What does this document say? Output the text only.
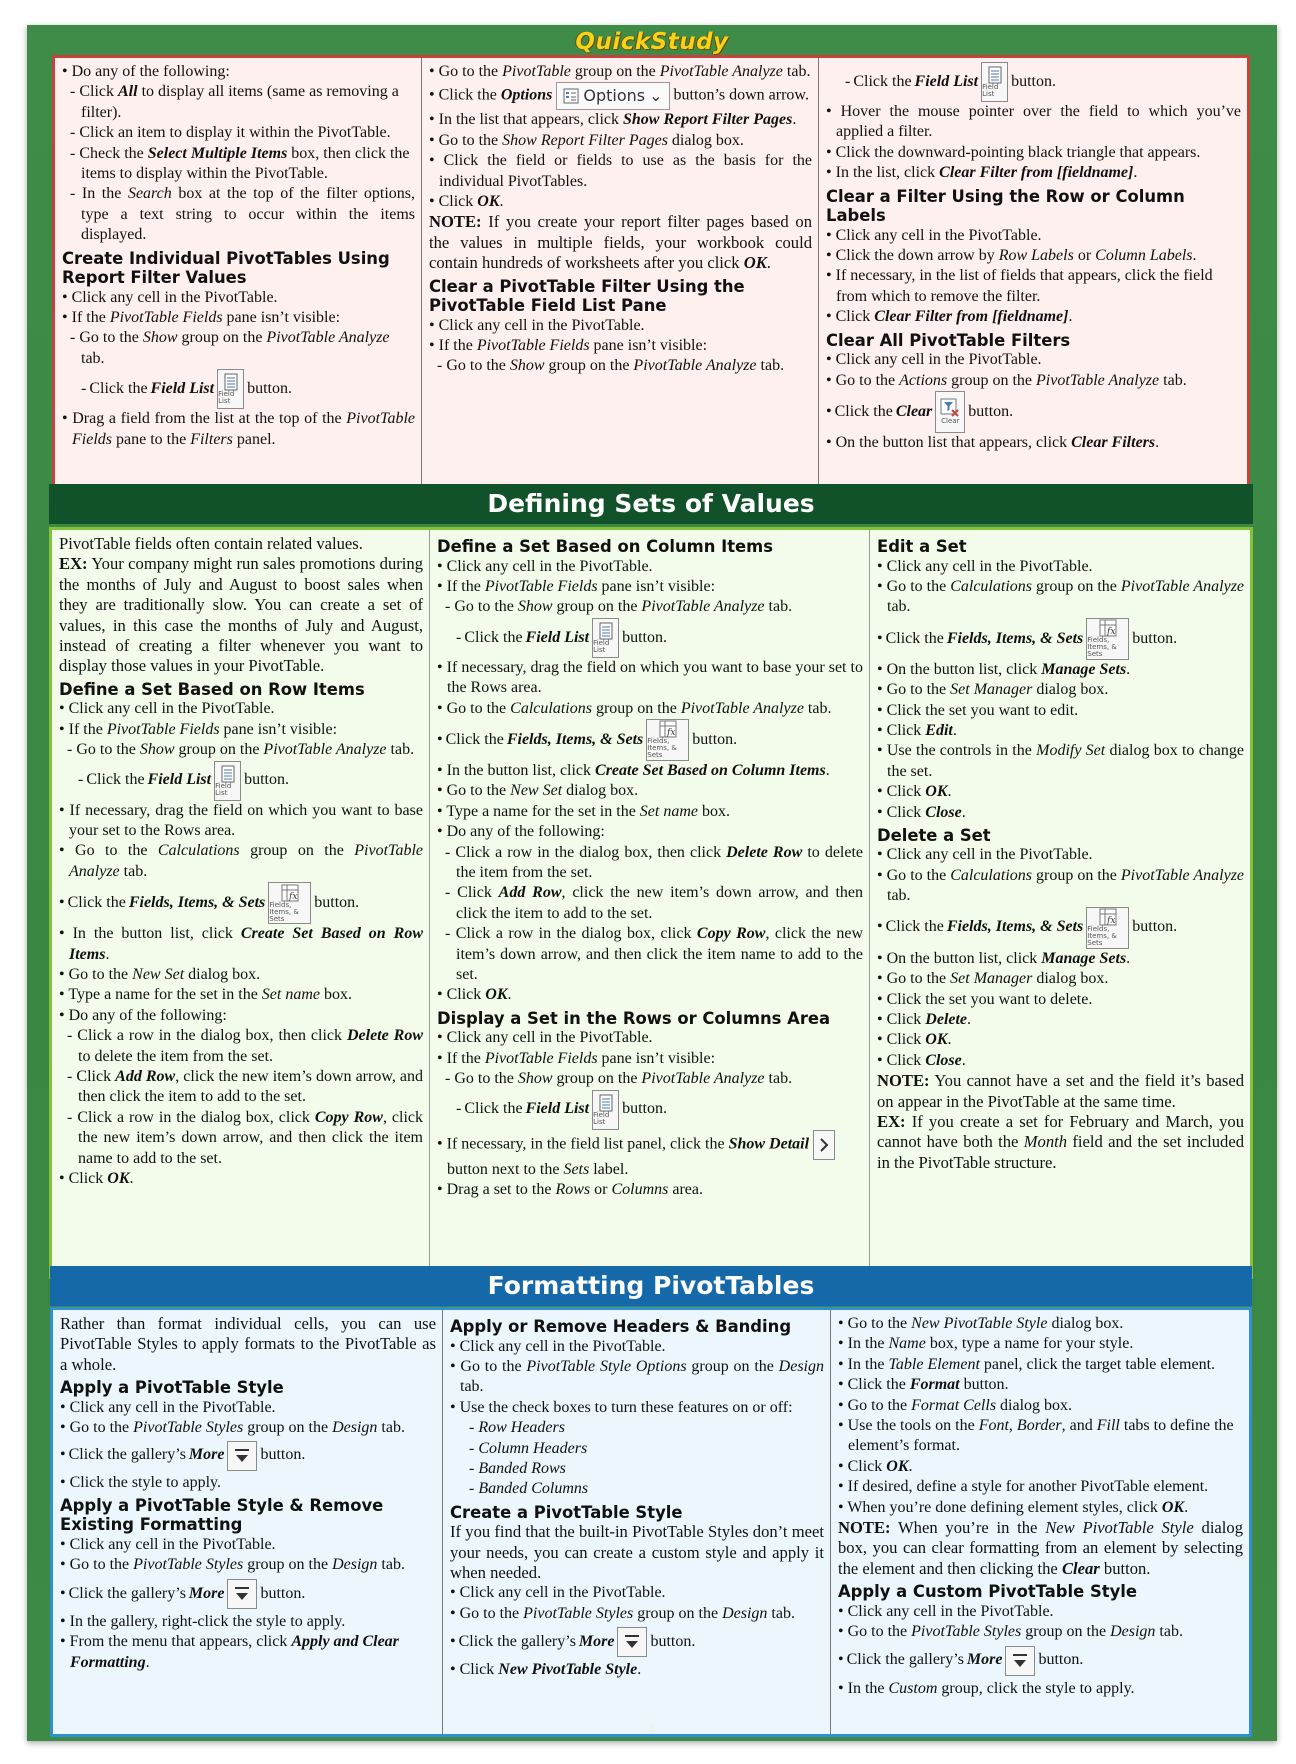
QuickStudy

• Do any of the following:

- Click All to display all items (same as removing a filter).

- Click an item to display it within the PivotTable.

- Check the Select Multiple Items box, then click the items to display within the PivotTable.

- In the Search box at the top of the filter options, type a text string to occur within the items displayed.

Create Individual PivotTables Using Report Filter Values

• Click any cell in the PivotTable.

• If the PivotTable Fields pane isn’t visible:

- Go to the Show group on the PivotTable Analyze tab.

- Click the Field List Field List
button.

• Drag a field from the list at the top of the PivotTable Fields pane to the Filters panel.

• Go to the PivotTable group on the PivotTable Analyze tab.

• Click the Options Options ⌄ button’s down arrow.

• In the list that appears, click Show Report Filter Pages.

• Go to the Show Report Filter Pages dialog box.

• Click the field or fields to use as the basis for the individual PivotTables.

• Click OK.

NOTE: If you create your report filter pages based on the values in multiple fields, your workbook could contain hundreds of worksheets after you click OK.

Clear a PivotTable Filter Using the PivotTable Field List Pane

• Click any cell in the PivotTable.

• If the PivotTable Fields pane isn’t visible:

- Go to the Show group on the PivotTable Analyze tab.

- Click the Field List Field List
button.

• Hover the mouse pointer over the field to which you’ve applied a filter.

• Click the downward-pointing black triangle that appears.

• In the list, click Clear Filter from [fieldname].

Clear a Filter Using the Row or Column Labels

• Click any cell in the PivotTable.

• Click the down arrow by Row Labels or Column Labels.

• If necessary, in the list of fields that appears, click the field from which to remove the filter.

• Click Clear Filter from [fieldname].

Clear All PivotTable Filters

• Click any cell in the PivotTable.

• Go to the Actions group on the PivotTable Analyze tab.

• Click the Clear
Clear
button.

• On the button list that appears, click Clear Filters.

Defining Sets of Values

PivotTable fields often contain related values.

EX: Your company might run sales promotions during the months of July and August to boost sales when they are traditionally slow. You can create a set of values, in this case the months of July and August, instead of creating a filter whenever you want to display those values in your PivotTable.

Define a Set Based on Row Items

• Click any cell in the PivotTable.

• If the PivotTable Fields pane isn’t visible:

- Go to the Show group on the PivotTable Analyze tab.

- Click the Field List Field List
button.

• If necessary, drag the field on which you want to base your set to the Rows area.

• Go to the Calculations group on the PivotTable Analyze tab.

• Click the Fields, Items, & Sets	fx
Fields, Items, & Sets
button.

• In the button list, click Create Set Based on Row Items.

• Go to the New Set dialog box.

• Type a name for the set in the Set name box.

• Do any of the following:

- Click a row in the dialog box, then click Delete Row to delete the item from the set.

- Click Add Row, click the new item’s down arrow, and then click the item to add to the set.

- Click a row in the dialog box, click Copy Row, click the new item’s down arrow, and then click the item name to add to the set.

• Click OK.

Define a Set Based on Column Items

• Click any cell in the PivotTable.

• If the PivotTable Fields pane isn’t visible:

- Go to the Show group on the PivotTable Analyze tab.

- Click the Field List Field List
button.

• If necessary, drag the field on which you want to base your set to the Rows area.

• Go to the Calculations group on the PivotTable Analyze tab.

• Click the Fields, Items, & Sets	fx
Fields, Items, & Sets
button.

• In the button list, click Create Set Based on Column Items.

• Go to the New Set dialog box.

• Type a name for the set in the Set name box.

• Do any of the following:

- Click a row in the dialog box, then click Delete Row to delete the item from the set.

- Click Add Row, click the new item’s down arrow, and then click the item to add to the set.

- Click a row in the dialog box, click Copy Row, click the new item’s down arrow, and then click the item name to add to the set.

• Click OK.

Display a Set in the Rows or Columns Area

• Click any cell in the PivotTable.

• If the PivotTable Fields pane isn’t visible:

- Go to the Show group on the PivotTable Analyze tab.

- Click the Field List Field List
button.

• If necessary, in the field list panel, click the Show Detail
button next to the Sets label.

• Drag a set to the Rows or Columns area.

Edit a Set

• Click any cell in the PivotTable.

• Go to the Calculations group on the PivotTable Analyze tab.

• Click the Fields, Items, & Sets	fx
Fields, Items, & Sets
button.

• On the button list, click Manage Sets.

• Go to the Set Manager dialog box.

• Click the set you want to edit.

• Click Edit.

• Use the controls in the Modify Set dialog box to change the set.

• Click OK.

• Click Close.

Delete a Set

• Click any cell in the PivotTable.

• Go to the Calculations group on the PivotTable Analyze tab.

• Click the Fields, Items, & Sets	fx
Fields, Items, & Sets
button.

• On the button list, click Manage Sets.

• Go to the Set Manager dialog box.

• Click the set you want to delete.

• Click Delete.

• Click OK.

• Click Close.

NOTE: You cannot have a set and the field it’s based on appear in the PivotTable at the same time.

EX: If you create a set for February and March, you cannot have both the Month field and the set included in the PivotTable structure.

Formatting PivotTables

Rather than format individual cells, you can use PivotTable Styles to apply formats to the PivotTable as a whole.

Apply a PivotTable Style

• Click any cell in the PivotTable.

• Go to the PivotTable Styles group on the Design tab.

• Click the gallery’s More button.

• Click the style to apply.

Apply a PivotTable Style & Remove Existing Formatting

• Click any cell in the PivotTable.

• Go to the PivotTable Styles group on the Design tab.

• Click the gallery’s More button.

• In the gallery, right-click the style to apply.

• From the menu that appears, click Apply and Clear Formatting.

Apply or Remove Headers & Banding

• Click any cell in the PivotTable.

• Go to the PivotTable Style Options group on the Design tab.

• Use the check boxes to turn these features on or off:

- Row Headers

- Column Headers

- Banded Rows

- Banded Columns

Create a PivotTable Style

If you find that the built-in PivotTable Styles don’t meet your needs, you can create a custom style and apply it when needed.

• Click any cell in the PivotTable.

• Go to the PivotTable Styles group on the Design tab.

• Click the gallery’s More button.

• Click New PivotTable Style.

• Go to the New PivotTable Style dialog box.

• In the Name box, type a name for your style.

• In the Table Element panel, click the target table element.

• Click the Format button.

• Go to the Format Cells dialog box.

• Use the tools on the Font, Border, and Fill tabs to define the element’s format.

• Click OK.

• If desired, define a style for another PivotTable element.

• When you’re done defining element styles, click OK.

NOTE: When you’re in the New PivotTable Style dialog box, you can clear formatting from an element by selecting the element and then clicking the Clear button.

Apply a Custom PivotTable Style

• Click any cell in the PivotTable.

• Go to the PivotTable Styles group on the Design tab.

• Click the gallery’s More button.

• In the Custom group, click the style to apply.

4
